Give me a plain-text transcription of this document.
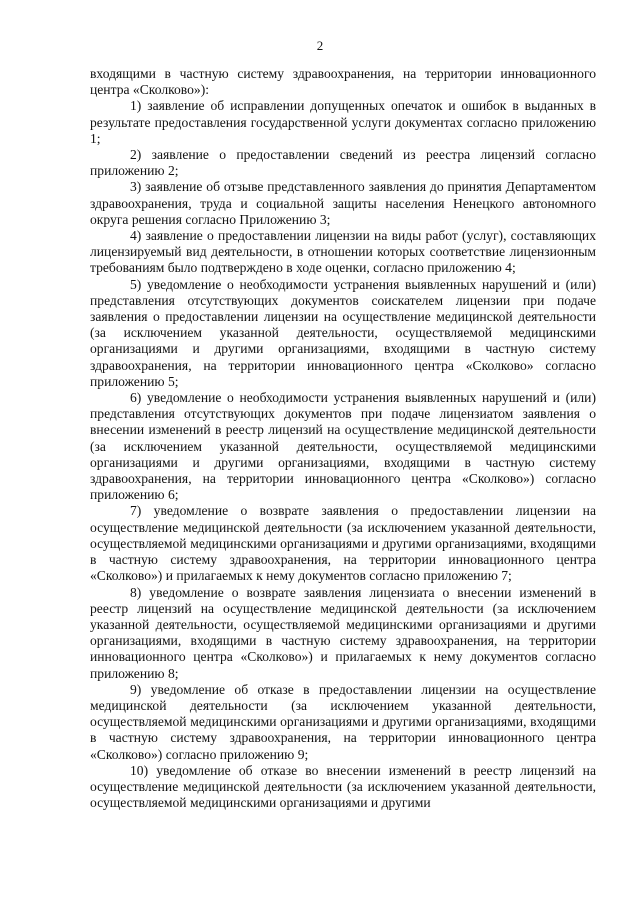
2

входящими в частную систему здравоохранения, на территории инновационного центра «Сколково»):

1) заявление об исправлении допущенных опечаток и ошибок в выданных в результате предоставления государственной услуги документах согласно приложению 1;

2) заявление о предоставлении сведений из реестра лицензий согласно приложению 2;

3) заявление об отзыве представленного заявления до принятия Департаментом здравоохранения, труда и социальной защиты населения Ненецкого автономного округа решения согласно Приложению 3;

4) заявление о предоставлении лицензии на виды работ (услуг), составляющих лицензируемый вид деятельности, в отношении которых соответствие лицензионным требованиям было подтверждено в ходе оценки, согласно приложению 4;

5) уведомление о необходимости устранения выявленных нарушений и (или) представления отсутствующих документов соискателем лицензии при подаче заявления о предоставлении лицензии на осуществление медицинской деятельности (за исключением указанной деятельности, осуществляемой медицинскими организациями и другими организациями, входящими в частную систему здравоохранения, на территории инновационного центра «Сколково» согласно приложению 5;

6) уведомление о необходимости устранения выявленных нарушений и (или) представления отсутствующих документов при подаче лицензиатом заявления о внесении изменений в реестр лицензий на осуществление медицинской деятельности (за исключением указанной деятельности, осуществляемой медицинскими организациями и другими организациями, входящими в частную систему здравоохранения, на территории инновационного центра «Сколково») согласно приложению 6;

7) уведомление о возврате заявления о предоставлении лицензии на осуществление медицинской деятельности (за исключением указанной деятельности, осуществляемой медицинскими организациями и другими организациями, входящими в частную систему здравоохранения, на территории инновационного центра «Сколково») и прилагаемых к нему документов согласно приложению 7;

8) уведомление о возврате заявления лицензиата о внесении изменений в реестр лицензий на осуществление медицинской деятельности (за исключением указанной деятельности, осуществляемой медицинскими организациями и другими организациями, входящими в частную систему здравоохранения, на территории инновационного центра «Сколково») и прилагаемых к нему документов согласно приложению 8;

9) уведомление об отказе в предоставлении лицензии на осуществление медицинской деятельности (за исключением указанной деятельности, осуществляемой медицинскими организациями и другими организациями, входящими в частную систему здравоохранения, на территории инновационного центра «Сколково») согласно приложению 9;

10) уведомление об отказе во внесении изменений в реестр лицензий на осуществление медицинской деятельности (за исключением указанной деятельности, осуществляемой медицинскими организациями и другими
